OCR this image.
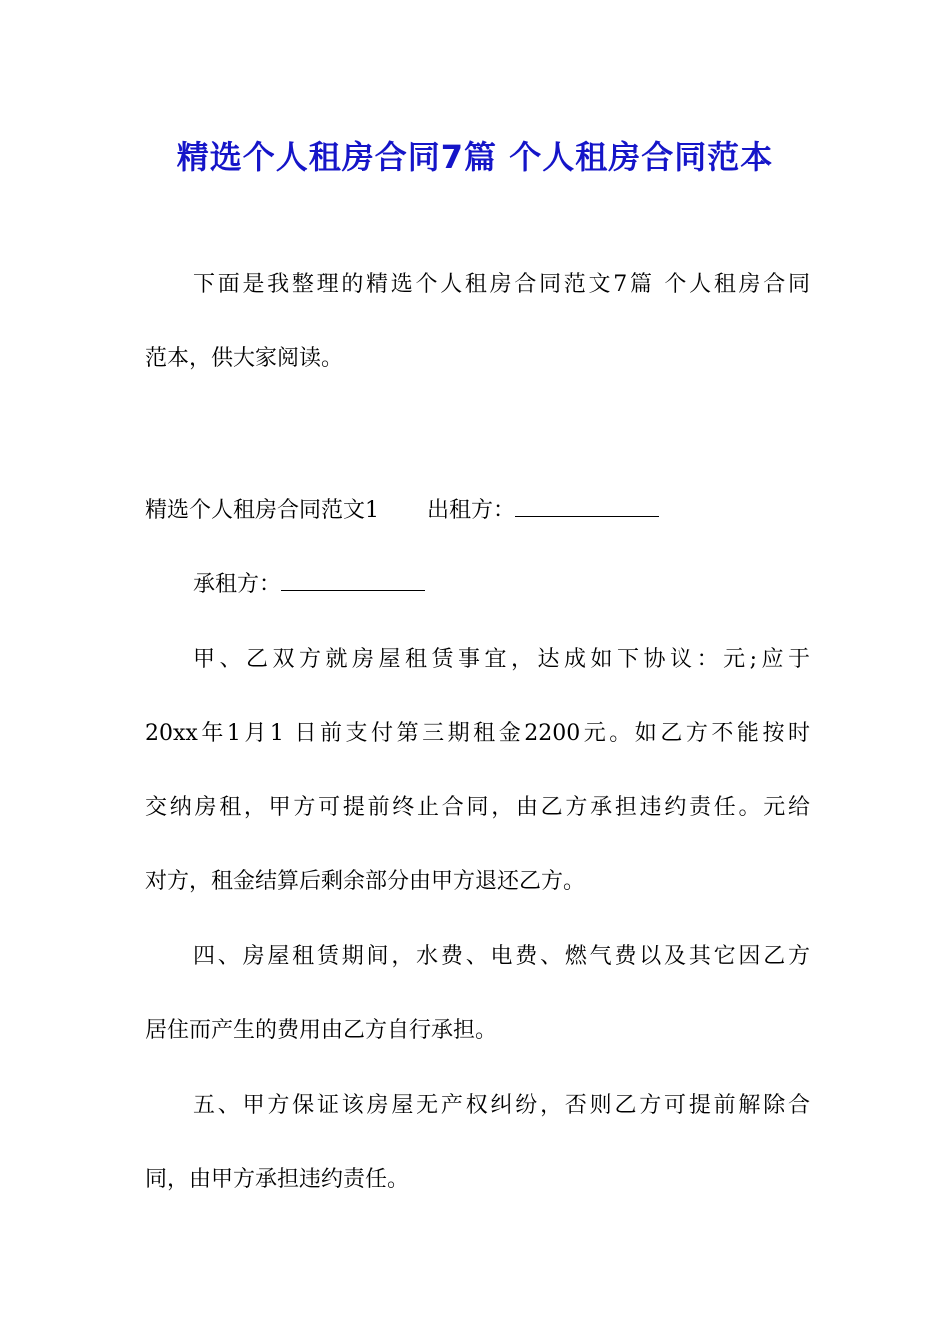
精选个人租房合同7篇 个人租房合同范本
下面是我整理的精选个人租房合同范文7篇 个人租房合同
范本，供大家阅读。
精选个人租房合同范文1 出租方：
承租方：
甲、乙双方就房屋租赁事宜，达成如下协议：元;应于
20xx年1月1 日前支付第三期租金2200元。如乙方不能按时
交纳房租，甲方可提前终止合同，由乙方承担违约责任。元给
对方，租金结算后剩余部分由甲方退还乙方。
四、房屋租赁期间，水费、电费、燃气费以及其它因乙方
居住而产生的费用由乙方自行承担。
五、甲方保证该房屋无产权纠纷，否则乙方可提前解除合
同，由甲方承担违约责任。
